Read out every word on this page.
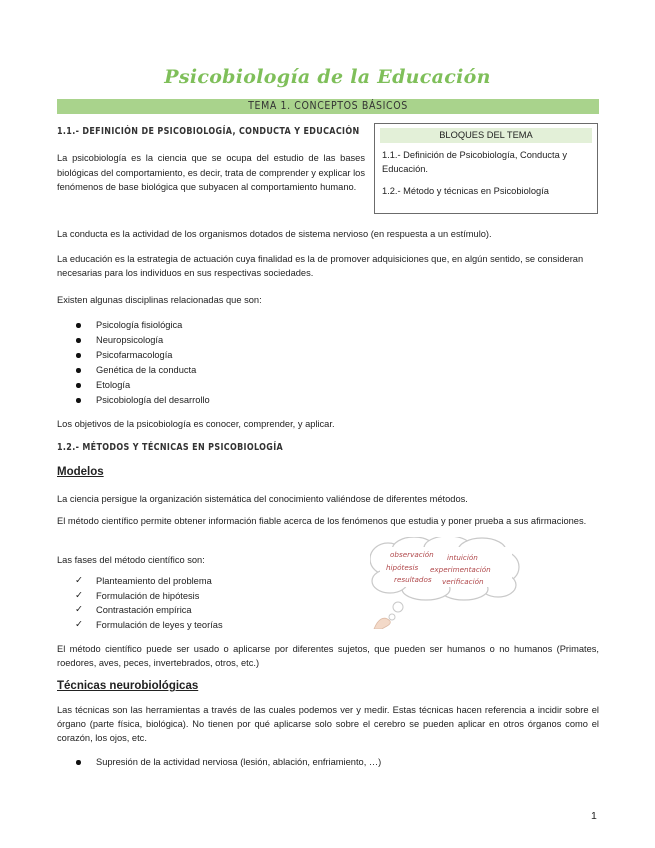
Psicobiología de la Educación
TEMA 1. CONCEPTOS BÁSICOS
1.1.- DEFINICIÓN DE PSICOBIOLOGÍA, CONDUCTA Y EDUCACIÓN	BLOQUES DEL TEMA
1.1.- Definición de Psicobiología, Conducta y Educación.
1.2.- Método y técnicas en Psicobiología
La psicobiología es la ciencia que se ocupa del estudio de las bases biológicas del comportamiento, es decir, trata de comprender y explicar los fenómenos de base biológica que subyacen al comportamiento humano.
La conducta es la actividad de los organismos dotados de sistema nervioso (en respuesta a un estímulo).
La educación es la estrategia de actuación cuya finalidad es la de promover adquisiciones que, en algún sentido, se consideran necesarias para los individuos en sus respectivas sociedades.
Existen algunas disciplinas relacionadas que son:
Psicología fisiológica
Neuropsicología
Psicofarmacología
Genética de la conducta
Etología
Psicobiología del desarrollo
Los objetivos de la psicobiología es conocer, comprender, y aplicar.
1.2.- MÉTODOS Y TÉCNICAS EN PSICOBIOLOGÍA
Modelos
La ciencia persigue la organización sistemática del conocimiento valiéndose de diferentes métodos.
El método científico permite obtener información fiable acerca de los fenómenos que estudia y poner prueba a sus afirmaciones.
Las fases del método científico son:
✓ Planteamiento del problema
✓ Formulación de hipótesis
✓ Contrastación empírica
✓ Formulación de leyes y teorías
observación intuición
hipótesis experimentación
resultados verificación
El método científico puede ser usado o aplicarse por diferentes sujetos, que pueden ser humanos o no humanos (Primates, roedores, aves, peces, invertebrados, otros, etc.)
Técnicas neurobiológicas
Las técnicas son las herramientas a través de las cuales podemos ver y medir. Estas técnicas hacen referencia a incidir sobre el órgano (parte física, biológica). No tienen por qué aplicarse solo sobre el cerebro se pueden aplicar en otros órganos como el corazón, los ojos, etc.
Supresión de la actividad nerviosa (lesión, ablación, enfriamiento, …)
1
